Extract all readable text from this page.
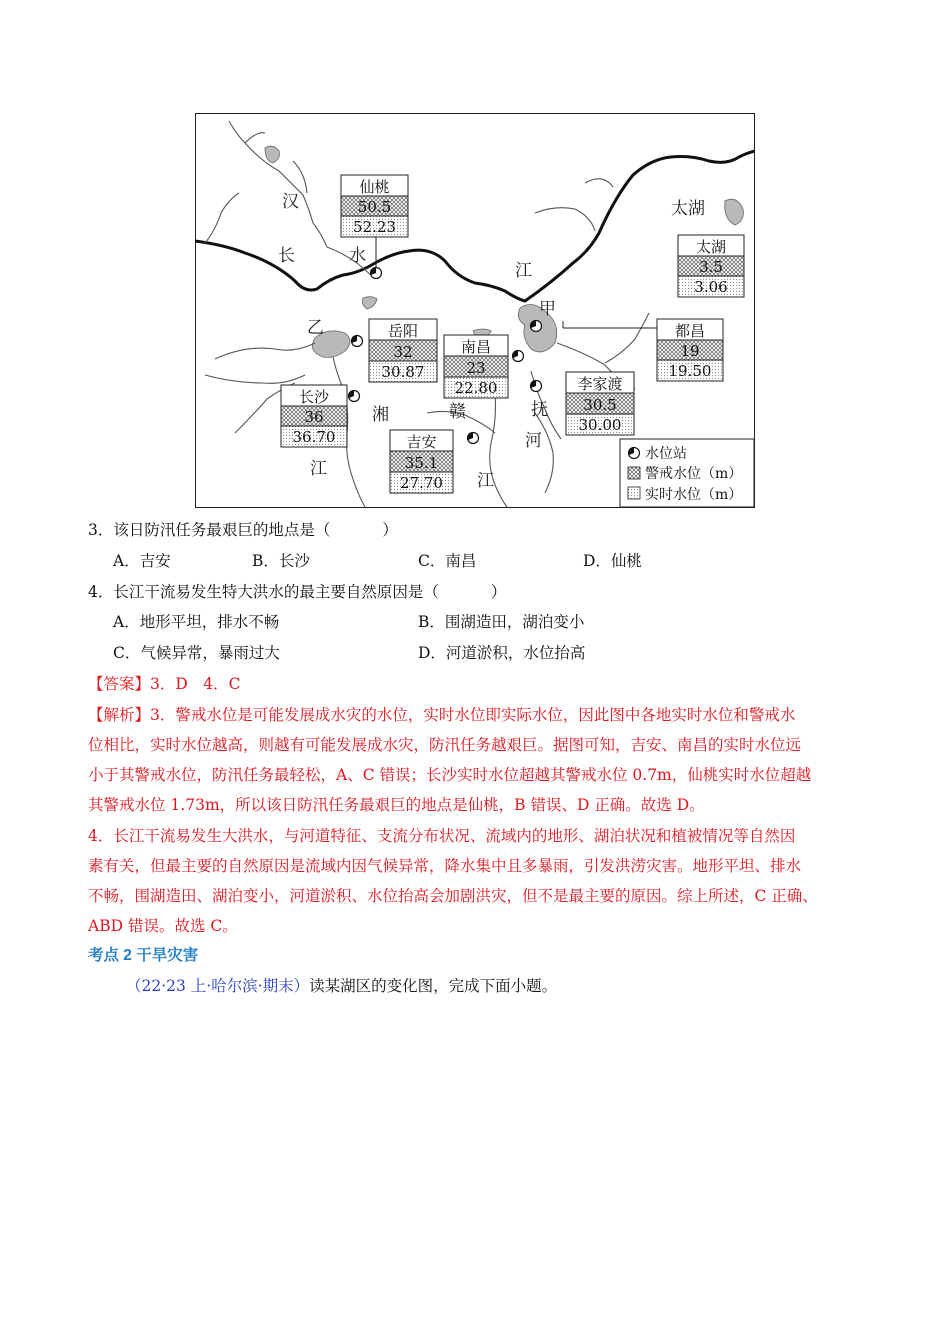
汉
长	水
江
乙
甲
湘	赣	抚
河
江
江
太湖
仙桃
50.5
52.23
太湖
3.5
3.06
岳阳
32
30.87
南昌
23
22.80
都昌
19
19.50
李家渡
30.5
30.00
长沙
36
36.70	吉安
35.1
27.70
水位站
警戒水位（m）
实时水位（m）
3．该日防汛任务最艰巨的地点是（	）
A．吉安	B．长沙	C．南昌	D．仙桃
4．长江干流易发生特大洪水的最主要自然原因是（	）
A．地形平坦，排水不畅	B．围湖造田，湖泊变小
C．气候异常，暴雨过大	D．河道淤积，水位抬高
【答案】3．D　4．C
【解析】3．警戒水位是可能发展成水灾的水位，实时水位即实际水位，因此图中各地实时水位和警戒水
位相比，实时水位越高，则越有可能发展成水灾，防汛任务越艰巨。据图可知，吉安、南昌的实时水位远
小于其警戒水位，防汛任务最轻松，A、C 错误；长沙实时水位超越其警戒水位 0.7m，仙桃实时水位超越
其警戒水位 1.73m，所以该日防汛任务最艰巨的地点是仙桃，B 错误、D 正确。故选 D。
4．长江干流易发生大洪水，与河道特征、支流分布状况、流域内的地形、湖泊状况和植被情况等自然因
素有关，但最主要的自然原因是流域内因气候异常，降水集中且多暴雨，引发洪涝灾害。地形平坦、排水
不畅，围湖造田、湖泊变小，河道淤积、水位抬高会加剧洪灾，但不是最主要的原因。综上所述，C 正确、
ABD 错误。故选 C。
考点 2 干旱灾害
（22·23 上·哈尔滨·期末）读某湖区的变化图，完成下面小题。
